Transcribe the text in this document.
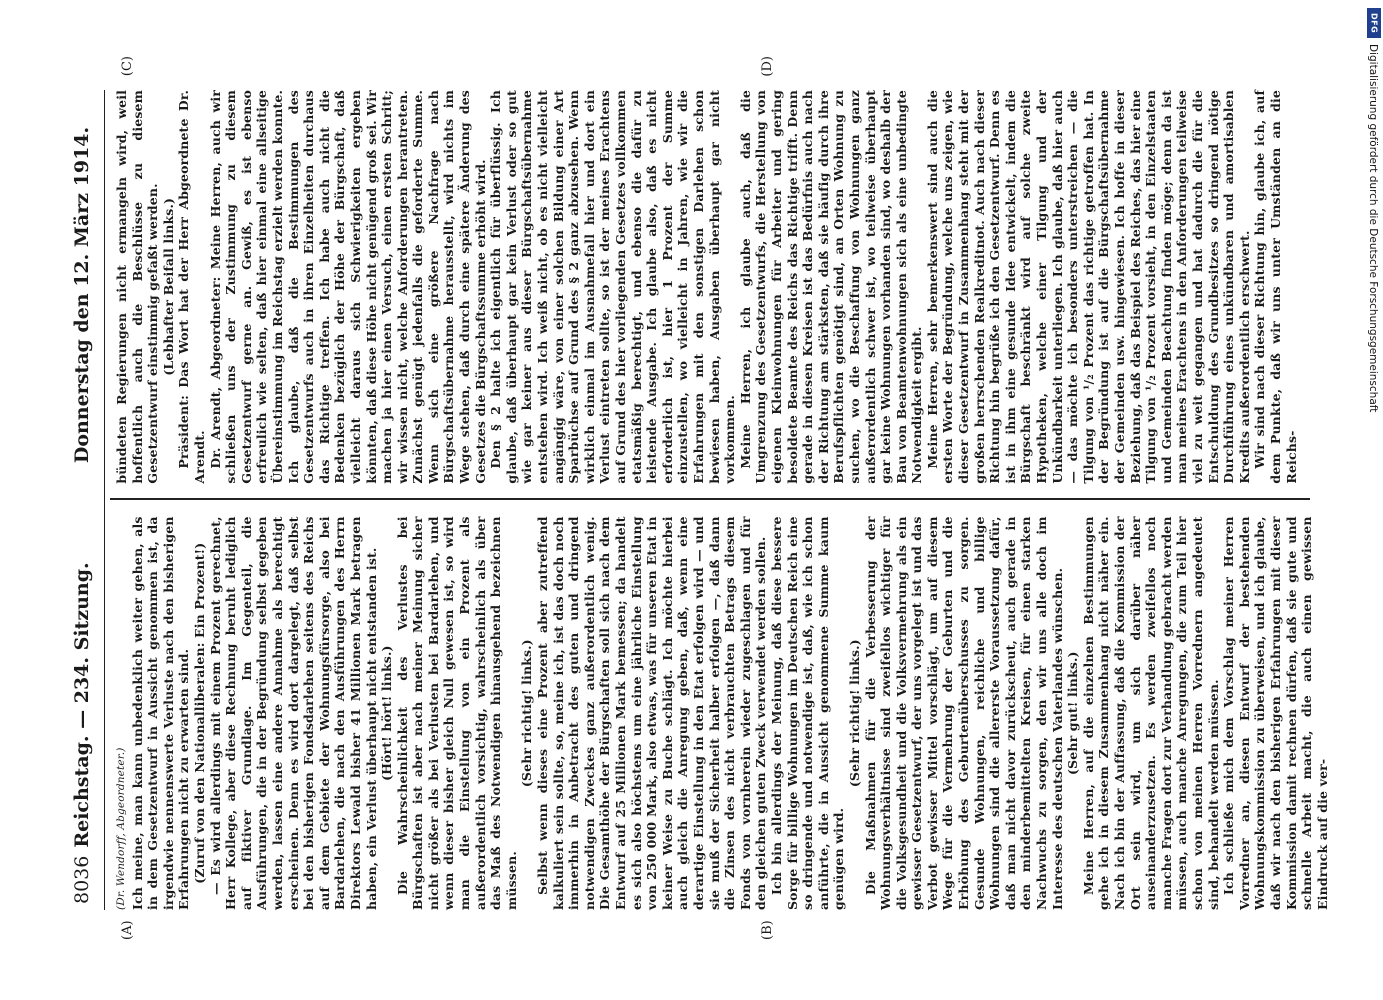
8036
Reichstag. — 234. Sitzung.
Donnerstag den 12. März 1914.
(A)	(B)
(C)	(D)

(Dr. Wendorff, Abgeordneter.) Ich meine, man kann unbedenklich weiter gehen, als in dem Gesetzentwurf in Aussicht genommen ist, da irgendwie nennenswerte Verluste nach den bisherigen Erfahrungen nicht zu erwarten sind. (Zuruf von den Nationalliberalen: Ein Prozent!) — Es wird allerdings mit einem Prozent gerechnet, Herr Kollege, aber diese Rechnung beruht lediglich auf fiktiver Grundlage. Im Gegenteil, die Ausführungen, die in der Begründung selbst gegeben werden, lassen eine andere Annahme als berechtigt erscheinen. Denn es wird dort dargelegt, daß selbst bei den bisherigen Fondsdarlehen seitens des Reichs auf dem Gebiete der Wohnungsfürsorge, also bei Bardarlehen, die nach den Ausführungen des Herrn Direktors Lewald bisher 41 Millionen Mark betragen haben, ein Verlust überhaupt nicht entstanden ist. (Hört! hört! links.) Die Wahrscheinlichkeit des Verlustes bei Bürgschaften ist aber nach meiner Meinung sicher nicht größer als bei Verlusten bei Bardarlehen, und wenn dieser bisher gleich Null gewesen ist, so wird man die Einstellung von ein Prozent als außerordentlich vorsichtig, wahrscheinlich als über das Maß des Notwendigen hinausgehend bezeichnen müssen.

(Sehr richtig! links.) Selbst wenn dieses eine Prozent aber zutreffend kalkuliert sein sollte, so, meine ich, ist das doch noch immerhin in Anbetracht des guten und dringend notwendigen Zweckes ganz außerordentlich wenig. Die Gesamthöhe der Bürgschaften soll sich nach dem Entwurf auf 25 Millionen Mark bemessen; da handelt es sich also höchstens um eine jährliche Einstellung von 250 000 Mark, also etwas, was für unseren Etat in keiner Weise zu Buche schlägt. Ich möchte hierbei auch gleich die Anregung geben, daß, wenn eine derartige Einstellung in den Etat erfolgen wird — und sie muß der Sicherheit halber erfolgen —, daß dann die Zinsen des nicht verbrauchten Betrags diesem Fonds von vornherein wieder zugeschlagen und für den gleichen guten Zweck verwendet werden sollen. Ich bin allerdings der Meinung, daß diese bessere Sorge für billige Wohnungen im Deutschen Reich eine so dringende und notwendige ist, daß, wie ich schon anführte, die in Aussicht genommene Summe kaum genügen wird.

(Sehr richtig! links.) Die Maßnahmen für die Verbesserung der Wohnungsverhältnisse sind zweifellos wichtiger für die Volksgesundheit und die Volksvermehrung als ein gewisser Gesetzentwurf, der uns vorgelegt ist und das Verbot gewisser Mittel vorschlägt, um auf diesem Wege für die Vermehrung der Geburten und die Erhöhung des Geburtenüberschusses zu sorgen. Gesunde Wohnungen, reichliche und billige Wohnungen sind die allererste Voraussetzung dafür, daß man nicht davor zurückscheut, auch gerade in den minderbemittelten Kreisen, für einen starken Nachwuchs zu sorgen, den wir uns alle doch im Interesse des deutschen Vaterlandes wünschen. (Sehr gut! links.) Meine Herren, auf die einzelnen Bestimmungen gehe ich in diesem Zusammenhang nicht näher ein. Nach ich bin der Auffassung, daß die Kommission der Ort sein wird, um sich darüber näher auseinanderzusetzen. Es werden zweifellos noch manche Fragen dort zur Verhandlung gebracht werden müssen, auch manche Anregungen, die zum Teil hier schon von meinen Herren Vorrednern angedeutet sind, behandelt werden müssen. Ich schließe mich dem Vorschlag meiner Herren Vorredner an, diesen Entwurf der bestehenden Wohnungskommission zu überweisen, und ich glaube, daß wir nach den bisherigen Erfahrungen mit dieser Kommission damit rechnen dürfen, daß sie gute und schnelle Arbeit macht, die auch einen gewissen Eindruck auf die ver-

bündeten Regierungen nicht ermangeln wird, weil hoffentlich auch die Beschlüsse zu diesem Gesetzentwurf einstimmig gefaßt werden. (Lebhafter Beifall links.) Präsident: Das Wort hat der Herr Abgeordnete Dr. Arendt. Dr. Arendt, Abgeordneter: Meine Herren, auch wir schließen uns der Zustimmung zu diesem Gesetzentwurf gerne an. Gewiß, es ist ebenso erfreulich wie selten, daß hier einmal eine allseitige Übereinstimmung im Reichstag erzielt werden konnte. Ich glaube, daß die Bestimmungen des Gesetzentwurfs auch in ihren Einzelheiten durchaus das Richtige treffen. Ich habe auch nicht die Bedenken bezüglich der Höhe der Bürgschaft, daß vielleicht daraus sich Schwierigkeiten ergeben könnten, daß diese Höhe nicht genügend groß sei. Wir machen ja hier einen Versuch, einen ersten Schritt; wir wissen nicht, welche Anforderungen herantreten. Zunächst genügt jedenfalls die geforderte Summe. Wenn sich eine größere Nachfrage nach Bürgschaftsübernahme herausstellt, wird nichts im Wege stehen, daß durch eine spätere Änderung des Gesetzes die Bürgschaftssumme erhöht wird. Den § 2 halte ich eigentlich für überflüssig. Ich glaube, daß überhaupt gar kein Verlust oder so gut wie gar keiner aus dieser Bürgschaftsübernahme entstehen wird. Ich weiß nicht, ob es nicht vielleicht angängig wäre, von einer solchen Bildung einer Art Sparbüchse auf Grund des § 2 ganz abzusehen. Wenn wirklich einmal im Ausnahmefall hier und dort ein Verlust eintreten sollte, so ist der meines Erachtens auf Grund des hier vorliegenden Gesetzes vollkommen etatsmäßig berechtigt, und ebenso die dafür zu leistende Ausgabe. Ich glaube also, daß es nicht erforderlich ist, hier 1 Prozent der Summe einzustellen, wo vielleicht in Jahren, wie wir die Erfahrungen mit den sonstigen Darlehen schon bewiesen haben, Ausgaben überhaupt gar nicht vorkommen. Meine Herren, ich glaube auch, daß die Umgrenzung des Gesetzentwurfs, die Herstellung von eigenen Kleinwohnungen für Arbeiter und gering besoldete Beamte des Reichs das Richtige trifft. Denn gerade in diesen Kreisen ist das Bedürfnis auch nach der Richtung am stärksten, daß sie häufig durch ihre Berufspflichten genötigt sind, an Orten Wohnung zu suchen, wo die Beschaffung von Wohnungen ganz außerordentlich schwer ist, wo teilweise überhaupt gar keine Wohnungen vorhanden sind, wo deshalb der Bau von Beamtenwohnungen sich als eine unbedingte Notwendigkeit ergibt. Meine Herren, sehr bemerkenswert sind auch die ersten Worte der Begründung, welche uns zeigen, wie dieser Gesetzentwurf in Zusammenhang steht mit der großen herrschenden Realkreditnot. Auch nach dieser Richtung hin begrüße ich den Gesetzentwurf. Denn es ist in ihm eine gesunde Idee entwickelt, indem die Bürgschaft beschränkt wird auf solche zweite Hypotheken, welche einer Tilgung und der Unkündbarkeit unterliegen. Ich glaube, daß hier auch — das möchte ich besonders unterstreichen — die Tilgung von ¹/₂ Prozent das richtige getroffen hat. In der Begründung ist auf die Bürgschaftsübernahme der Gemeinden usw. hingewiesen. Ich hoffe in dieser Beziehung, daß das Beispiel des Reiches, das hier eine Tilgung von ¹/₂ Prozent vorsieht, in den Einzelstaaten und Gemeinden Beachtung finden möge; denn da ist man meines Erachtens in den Anforderungen teilweise viel zu weit gegangen und hat dadurch die für die Entschuldung des Grundbesitzes so dringend nötige Durchführung eines unkündbaren und amortisablen Kredits außerordentlich erschwert. Wir sind nach dieser Richtung hin, glaube ich, auf dem Punkte, daß wir uns unter Umständen an die Reichs-

DFG
Digitalisierung gefördert durch die Deutsche Forschungsgemeinschaft
